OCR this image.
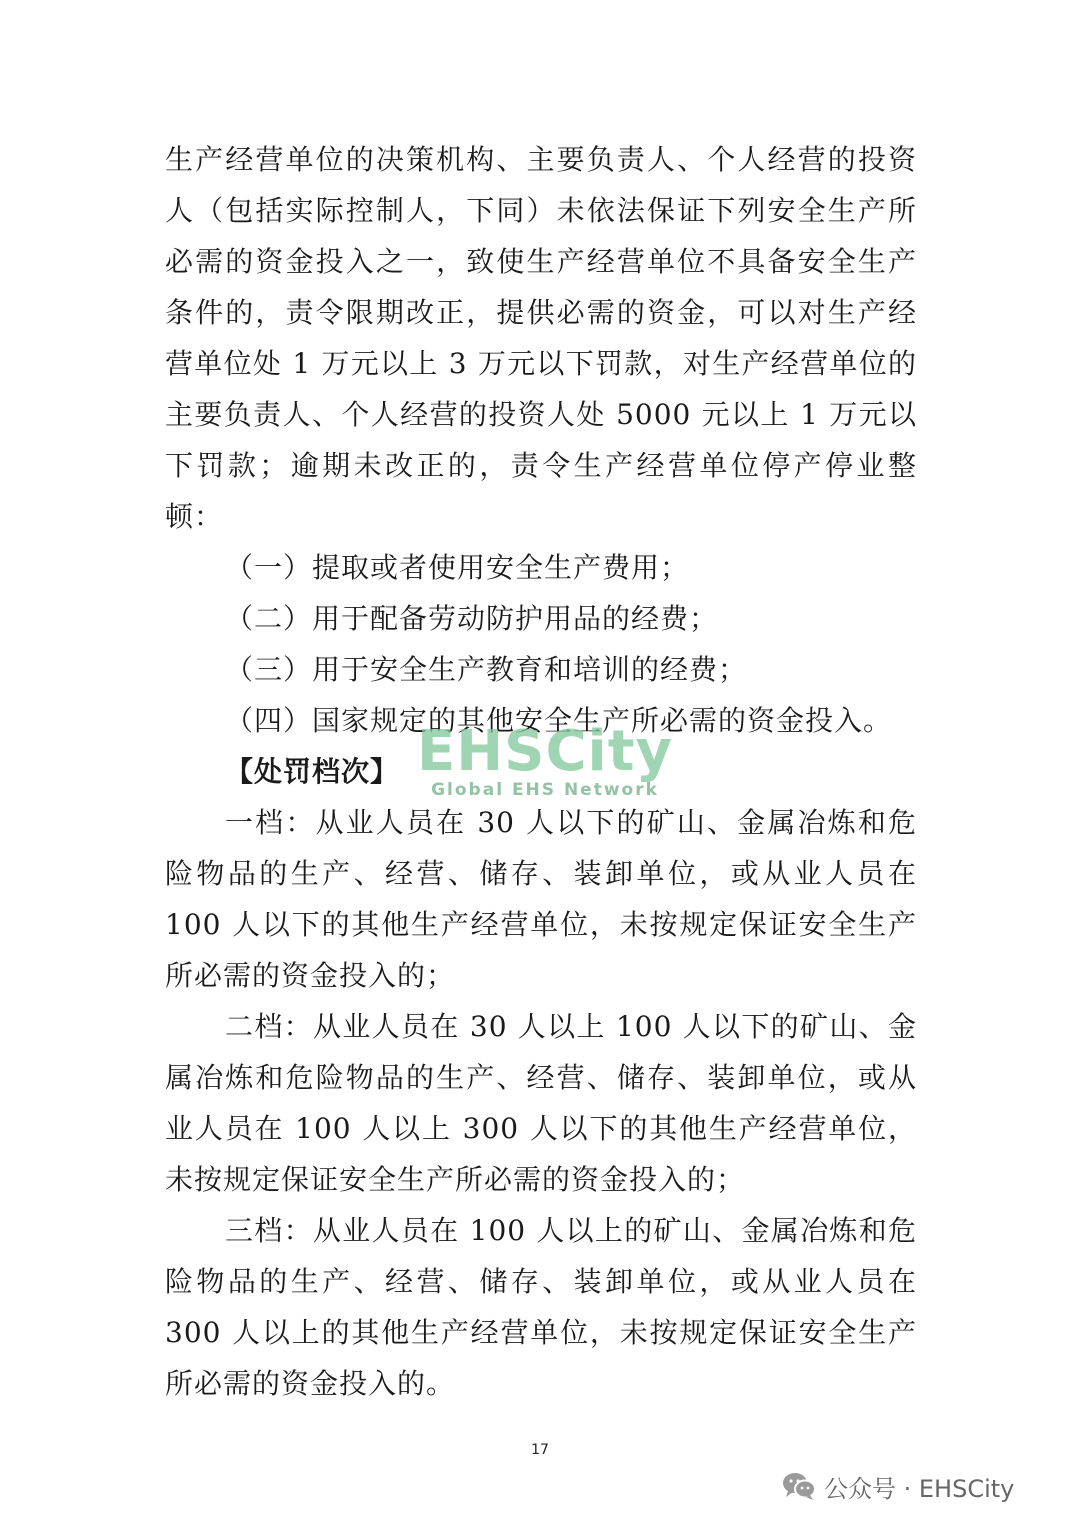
生产经营单位的决策机构、主要负责人、个人经营的投资人（包括实际控制人，下同）未依法保证下列安全生产所必需的资金投入之一，致使生产经营单位不具备安全生产条件的，责令限期改正，提供必需的资金，可以对生产经营单位处 1 万元以上 3 万元以下罚款，对生产经营单位的主要负责人、个人经营的投资人处 5000 元以上 1 万元以下罚款；逾期未改正的，责令生产经营单位停产停业整顿：

（一）提取或者使用安全生产费用；

（二）用于配备劳动防护用品的经费；

（三）用于安全生产教育和培训的经费；

（四）国家规定的其他安全生产所必需的资金投入。

【处罚档次】

一档：从业人员在 30 人以下的矿山、金属冶炼和危险物品的生产、经营、储存、装卸单位，或从业人员在 100 人以下的其他生产经营单位，未按规定保证安全生产所必需的资金投入的；

二档：从业人员在 30 人以上 100 人以下的矿山、金属冶炼和危险物品的生产、经营、储存、装卸单位，或从业人员在 100 人以上 300 人以下的其他生产经营单位，未按规定保证安全生产所必需的资金投入的；

三档：从业人员在 100 人以上的矿山、金属冶炼和危险物品的生产、经营、储存、装卸单位，或从业人员在 300 人以上的其他生产经营单位，未按规定保证安全生产所必需的资金投入的。

EHSCity
Global EHS Network
17
公众号 · EHSCity
